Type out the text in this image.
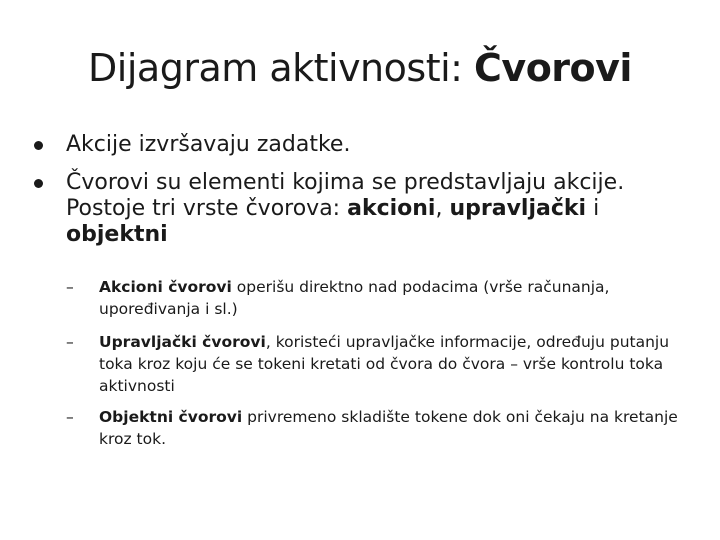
Dijagram aktivnosti: Čvorovi
Akcije izvršavaju zadatke.
Čvorovi su elementi kojima se predstavljaju akcije. Postoje tri vrste čvorova: akcioni, upravljački i objektni
–	Akcioni čvorovi operišu direktno nad podacima (vrše računanja, upoređivanja i sl.)
–	Upravljački čvorovi, koristeći upravljačke informacije, određuju putanju toka kroz koju će se tokeni kretati od čvora do čvora – vrše kontrolu toka aktivnosti
–	Objektni čvorovi privremeno skladište tokene dok oni čekaju na kretanje kroz tok.
